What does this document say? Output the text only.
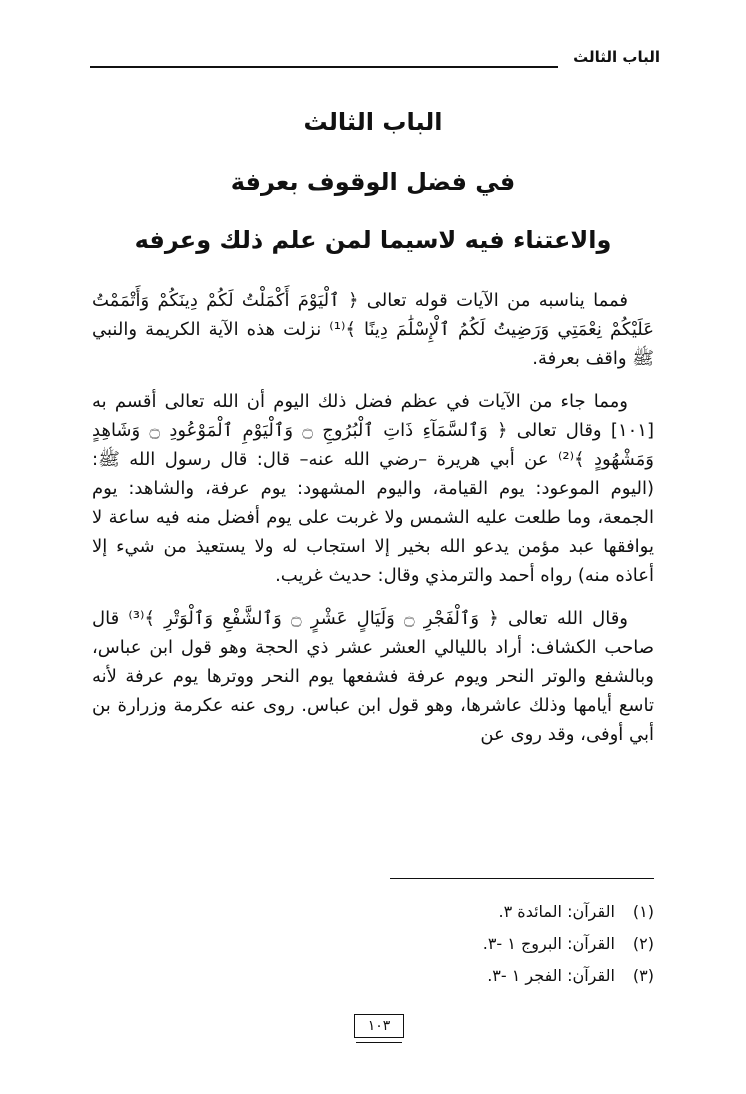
الباب الثالث
الباب الثالث
في فضل الوقوف بعرفة
والاعتناء فيه لاسيما لمن علم ذلك وعرفه

فمما يناسبه من الآيات قوله تعالى ﴿ ٱلْيَوْمَ أَكْمَلْتُ لَكُمْ دِينَكُمْ وَأَتْمَمْتُ عَلَيْكُمْ نِعْمَتِي وَرَضِيتُ لَكُمُ ٱلْإِسْلَٰمَ دِينًا ﴾⁽¹⁾ نزلت هذه الآية الكريمة والنبي ﷺ واقف بعرفة.

ومما جاء من الآيات في عظم فضل ذلك اليوم أن الله تعالى أقسم به [١٠١] وقال تعالى ﴿ وَٱلسَّمَآءِ ذَاتِ ٱلْبُرُوجِ ۝ وَٱلْيَوْمِ ٱلْمَوْعُودِ ۝ وَشَاهِدٍ وَمَشْهُودٍ ﴾⁽²⁾ عن أبي هريرة –رضي الله عنه– قال: قال رسول الله ﷺ: (اليوم الموعود: يوم القيامة، واليوم المشهود: يوم عرفة، والشاهد: يوم الجمعة، وما طلعت عليه الشمس ولا غربت على يوم أفضل منه فيه ساعة لا يوافقها عبد مؤمن يدعو الله بخير إلا استجاب له ولا يستعيذ من شيء إلا أعاذه منه) رواه أحمد والترمذي وقال: حديث غريب.

وقال الله تعالى ﴿ وَٱلْفَجْرِ ۝ وَلَيَالٍ عَشْرٍ ۝ وَٱلشَّفْعِ وَٱلْوَتْرِ ﴾⁽³⁾ قال صاحب الكشاف: أراد بالليالي العشر عشر ذي الحجة وهو قول ابن عباس، وبالشفع والوتر النحر ويوم عرفة فشفعها يوم النحر ووترها يوم عرفة لأنه تاسع أيامها وذلك عاشرها، وهو قول ابن عباس. روى عنه عكرمة وزرارة بن أبي أوفى، وقد روى عن

(١) القرآن: المائدة ٣.
(٢) القرآن: البروج ١ -٣.
(٣) القرآن: الفجر ١ -٣.
١٠٣
